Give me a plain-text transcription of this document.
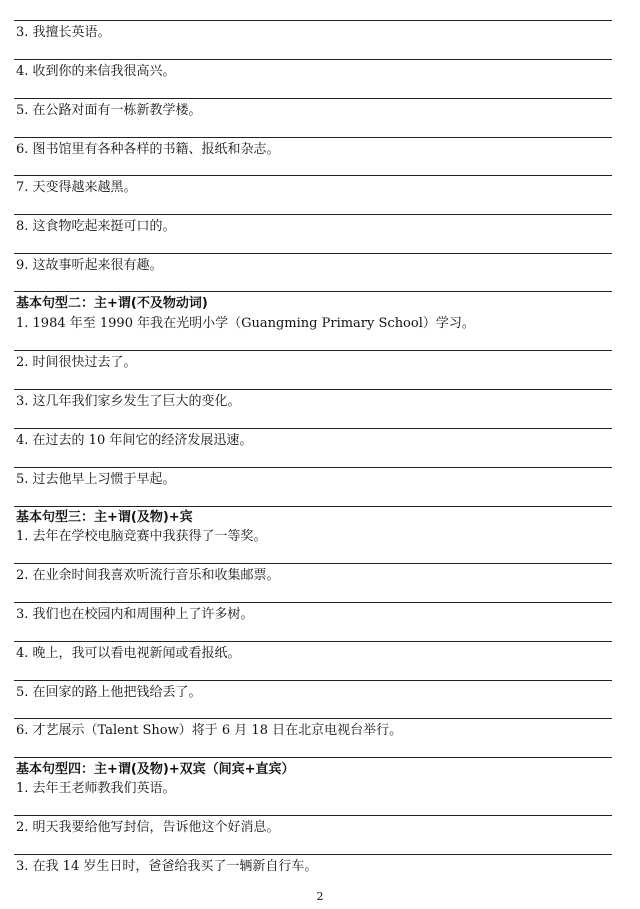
3. 我擅长英语。
4. 收到你的来信我很高兴。
5. 在公路对面有一栋新教学楼。
6. 图书馆里有各种各样的书籍、报纸和杂志。
7. 天变得越来越黑。
8. 这食物吃起来挺可口的。
9. 这故事听起来很有趣。
基本句型二：主+谓(不及物动词)
1. 1984 年至 1990 年我在光明小学（Guangming Primary School）学习。
2. 时间很快过去了。
3. 这几年我们家乡发生了巨大的变化。
4. 在过去的 10 年间它的经济发展迅速。
5. 过去他早上习惯于早起。
基本句型三：主+谓(及物)+宾
1. 去年在学校电脑竞赛中我获得了一等奖。
2. 在业余时间我喜欢听流行音乐和收集邮票。
3. 我们也在校园内和周围种上了许多树。
4. 晚上，我可以看电视新闻或看报纸。
5. 在回家的路上他把钱给丢了。
6. 才艺展示（Talent Show）将于 6 月 18 日在北京电视台举行。
基本句型四：主+谓(及物)+双宾（间宾+直宾）
1. 去年王老师教我们英语。
2. 明天我要给他写封信，告诉他这个好消息。
3. 在我 14 岁生日时，爸爸给我买了一辆新自行车。
2
